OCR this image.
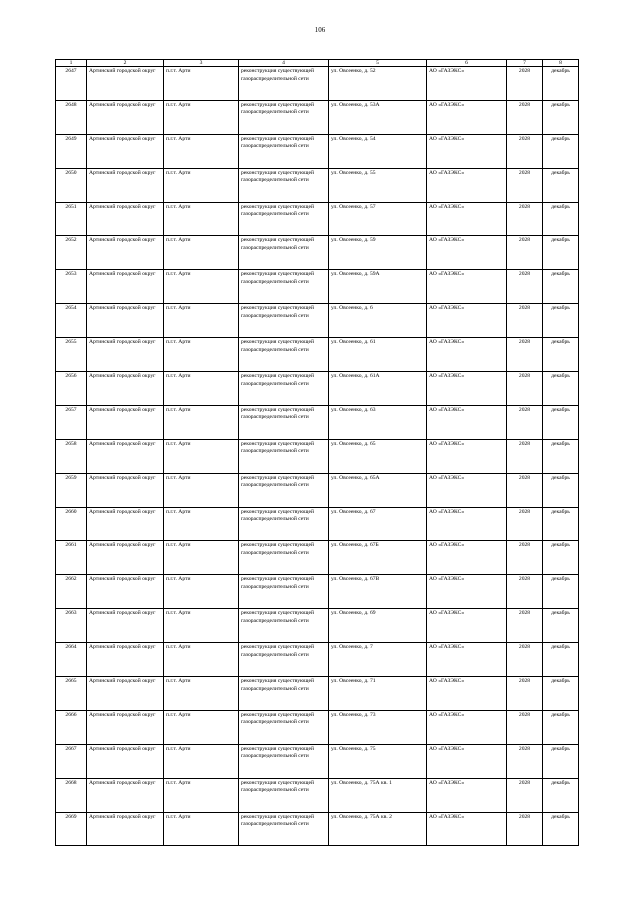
106
1	2	3	4	5	6	7	8
2647	Артинский городской округ	п.г.т. Арти	реконструкция существующей газораспределительной сети	ул. Овсеенко, д. 52	АО «ГАЗЭКС»	2028	декабрь
2648	Артинский городской округ	п.г.т. Арти	реконструкция существующей газораспределительной сети	ул. Овсеенко, д. 53А	АО «ГАЗЭКС»	2028	декабрь
2649	Артинский городской округ	п.г.т. Арти	реконструкция существующей газораспределительной сети	ул. Овсеенко, д. 54	АО «ГАЗЭКС»	2028	декабрь
2650	Артинский городской округ	п.г.т. Арти	реконструкция существующей газораспределительной сети	ул. Овсеенко, д. 55	АО «ГАЗЭКС»	2028	декабрь
2651	Артинский городской округ	п.г.т. Арти	реконструкция существующей газораспределительной сети	ул. Овсеенко, д. 57	АО «ГАЗЭКС»	2028	декабрь
2652	Артинский городской округ	п.г.т. Арти	реконструкция существующей газораспределительной сети	ул. Овсеенко, д. 59	АО «ГАЗЭКС»	2028	декабрь
2653	Артинский городской округ	п.г.т. Арти	реконструкция существующей газораспределительной сети	ул. Овсеенко, д. 59А	АО «ГАЗЭКС»	2028	декабрь
2654	Артинский городской округ	п.г.т. Арти	реконструкция существующей газораспределительной сети	ул. Овсеенко, д. 6	АО «ГАЗЭКС»	2028	декабрь
2655	Артинский городской округ	п.г.т. Арти	реконструкция существующей газораспределительной сети	ул. Овсеенко, д. 61	АО «ГАЗЭКС»	2028	декабрь
2656	Артинский городской округ	п.г.т. Арти	реконструкция существующей газораспределительной сети	ул. Овсеенко, д. 61А	АО «ГАЗЭКС»	2028	декабрь
2657	Артинский городской округ	п.г.т. Арти	реконструкция существующей газораспределительной сети	ул. Овсеенко, д. 63	АО «ГАЗЭКС»	2028	декабрь
2658	Артинский городской округ	п.г.т. Арти	реконструкция существующей газораспределительной сети	ул. Овсеенко, д. 65	АО «ГАЗЭКС»	2028	декабрь
2659	Артинский городской округ	п.г.т. Арти	реконструкция существующей газораспределительной сети	ул. Овсеенко, д. 65А	АО «ГАЗЭКС»	2028	декабрь
2660	Артинский городской округ	п.г.т. Арти	реконструкция существующей газораспределительной сети	ул. Овсеенко, д. 67	АО «ГАЗЭКС»	2028	декабрь
2661	Артинский городской округ	п.г.т. Арти	реконструкция существующей газораспределительной сети	ул. Овсеенко, д. 67Б	АО «ГАЗЭКС»	2028	декабрь
2662	Артинский городской округ	п.г.т. Арти	реконструкция существующей газораспределительной сети	ул. Овсеенко, д. 67В	АО «ГАЗЭКС»	2028	декабрь
2663	Артинский городской округ	п.г.т. Арти	реконструкция существующей газораспределительной сети	ул. Овсеенко, д. 69	АО «ГАЗЭКС»	2028	декабрь
2664	Артинский городской округ	п.г.т. Арти	реконструкция существующей газораспределительной сети	ул. Овсеенко, д. 7	АО «ГАЗЭКС»	2028	декабрь
2665	Артинский городской округ	п.г.т. Арти	реконструкция существующей газораспределительной сети	ул. Овсеенко, д. 71	АО «ГАЗЭКС»	2028	декабрь
2666	Артинский городской округ	п.г.т. Арти	реконструкция существующей газораспределительной сети	ул. Овсеенко, д. 73	АО «ГАЗЭКС»	2028	декабрь
2667	Артинский городской округ	п.г.т. Арти	реконструкция существующей газораспределительной сети	ул. Овсеенко, д. 75	АО «ГАЗЭКС»	2028	декабрь
2668	Артинский городской округ	п.г.т. Арти	реконструкция существующей газораспределительной сети	ул. Овсеенко, д. 75А кв. 1	АО «ГАЗЭКС»	2028	декабрь
2669	Артинский городской округ	п.г.т. Арти	реконструкция существующей газораспределительной сети	ул. Овсеенко, д. 75А кв. 2	АО «ГАЗЭКС»	2028	декабрь
